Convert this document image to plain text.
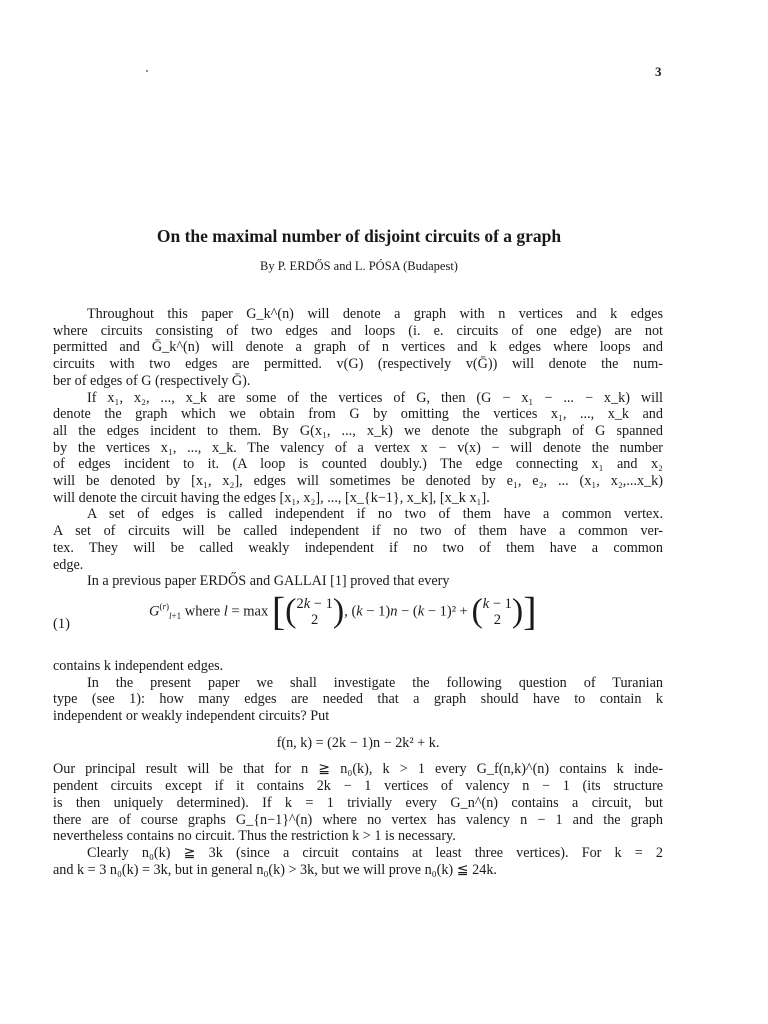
3
On the maximal number of disjoint circuits of a graph
By P. ERDŐS and L. PÓSA (Budapest)

Throughout this paper G_k^(n) will denote a graph with n vertices and k edges
where circuits consisting of two edges and loops (i. e. circuits of one edge) are not
permitted and Ḡ_k^(n) will denote a graph of n vertices and k edges where loops and
circuits with two edges are permitted. v(G) (respectively v(Ḡ)) will denote the num-
ber of edges of G (respectively Ḡ).

If x₁, x₂, ..., x_k are some of the vertices of G, then (G − x₁ − ... − x_k) will
denote the graph which we obtain from G by omitting the vertices x₁, ..., x_k and
all the edges incident to them. By G(x₁, ..., x_k) we denote the subgraph of G spanned
by the vertices x₁, ..., x_k. The valency of a vertex x − v(x) − will denote the number
of edges incident to it. (A loop is counted doubly.) The edge connecting x₁ and x₂
will be denoted by [x₁, x₂], edges will sometimes be denoted by e₁, e₂, ... (x₁, x₂,...x_k)
will denote the circuit having the edges [x₁, x₂], ..., [x_{k−1}, x_k], [x_k x₁].

A set of edges is called independent if no two of them have a common vertex.
A set of circuits will be called independent if no two of them have a common ver-
tex. They will be called weakly independent if no two of them have a common
edge.

In a previous paper ERDŐS and GALLAI [1] proved that every

(1)
$G^{(r)}_{l+1}$ where l = max [(2k − 1
2 ), (k − 1)n − (k − 1)² + (k − 1
2 )]

contains k independent edges.

In the present paper we shall investigate the following question of Turanian
type (see 1): how many edges are needed that a graph should have to contain k
independent or weakly independent circuits? Put

f(n, k) = (2k − 1)n − 2k² + k.

Our principal result will be that for n ≧ n₀(k), k > 1 every G_f(n,k)^(n) contains k inde-
pendent circuits except if it contains 2k − 1 vertices of valency n − 1 (its structure
is then uniquely determined). If k = 1 trivially every G_n^(n) contains a circuit, but
there are of course graphs G_{n−1}^(n) where no vertex has valency n − 1 and the graph
nevertheless contains no circuit. Thus the restriction k > 1 is necessary.

Clearly n₀(k) ≧ 3k (since a circuit contains at least three vertices). For k = 2
and k = 3 n₀(k) = 3k, but in general n₀(k) > 3k, but we will prove n₀(k) ≦ 24k.
